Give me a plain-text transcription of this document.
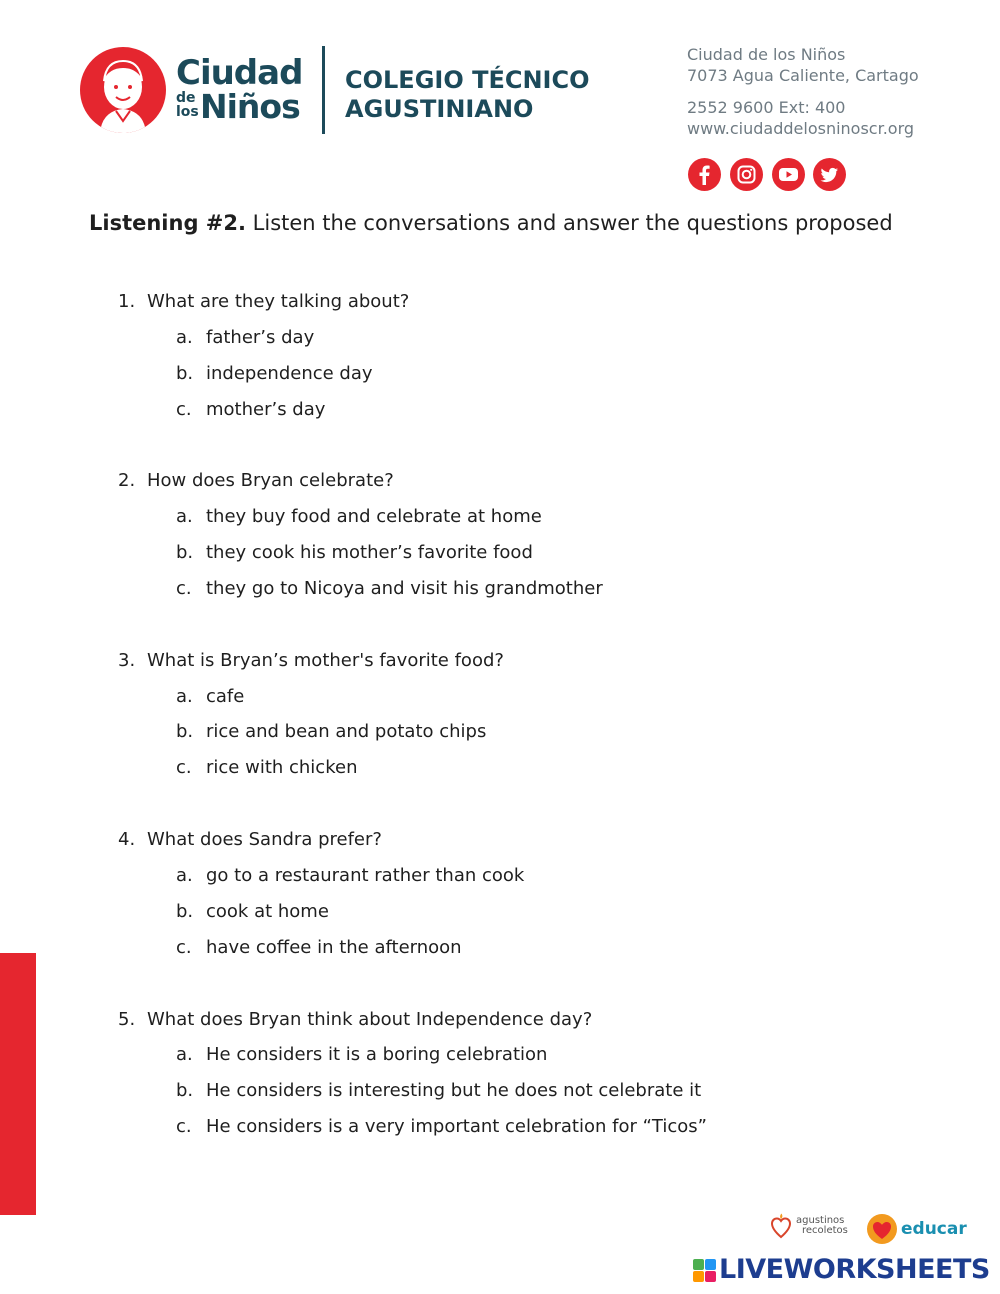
Ciudad
de
los Niños
COLEGIO TÉCNICO
AGUSTINIANO
Ciudad de los Niños
7073 Agua Caliente, Cartago
2552 9600 Ext: 400
www.ciudaddelosninoscr.org
Listening #2. Listen the conversations and answer the questions proposed
1. What are they talking about?
a. father’s day
b. independence day
c. mother’s day
2. How does Bryan celebrate?
a. they buy food and celebrate at home
b. they cook his mother’s favorite food
c. they go to Nicoya and visit his grandmother
3. What is Bryan’s mother's favorite food?
a. cafe
b. rice and bean and potato chips
c. rice with chicken
4. What does Sandra prefer?
a. go to a restaurant rather than cook
b. cook at home
c. have coffee in the afternoon
5. What does Bryan think about Independence day?
a. He considers it is a boring celebration
b. He considers is interesting but he does not celebrate it
c. He considers is a very important celebration for “Ticos”
agustinos
recoletos	educar
LIVEWORKSHEETS
